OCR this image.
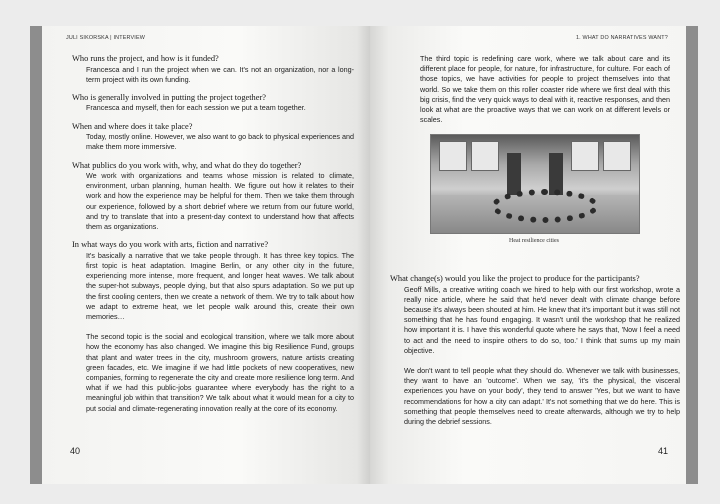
JULI SIKORSKA | INTERVIEW

Who runs the project, and how is it funded?

Francesca and I run the project when we can. It's not an organization, nor a long-term project with its own funding.

Who is generally involved in putting the project together?

Francesca and myself, then for each session we put a team together.

When and where does it take place?

Today, mostly online. However, we also want to go back to physical experiences and make them more immersive.

What publics do you work with, why, and what do they do together?

We work with organizations and teams whose mission is related to climate, environment, urban planning, human health. We figure out how it relates to their work and how the experience may be helpful for them. Then we take them through our experience, followed by a short debrief where we return from our future world, and try to translate that into a present-day context to understand how that affects them as organizations.

In what ways do you work with arts, fiction and narrative?

It's basically a narrative that we take people through. It has three key topics. The first topic is heat adaptation. Imagine Berlin, or any other city in the future, experiencing more intense, more frequent, and longer heat waves. We talk about the super-hot subways, people dying, but that also spurs adaptation. So we put up the first cooling centers, then we create a network of them. We try to talk about how we adapt to extreme heat, we let people walk around this, create their own memories…

The second topic is the social and ecological transition, where we talk more about how the economy has also changed. We imagine this big Resilience Fund, groups that plant and water trees in the city, mushroom growers, nature artists creating green facades, etc. We imagine if we had little pockets of new cooperatives, new companies, forming to regenerate the city and create more resilience long term. And what if we had this public-jobs guarantee where everybody has the right to a meaningful job within that transition? We talk about what it would mean for a city to put social and climate-regenerating innovation really at the core of its economy.

40
1. WHAT DO NARRATIVES WANT?

The third topic is redefining care work, where we talk about care and its different place for people, for nature, for infrastructure, for culture. For each of those topics, we have activities for people to project themselves into that world. So we take them on this roller coaster ride where we first deal with this big crisis, find the very quick ways to deal with it, reactive responses, and then look at what are the proactive ways that we can work on at different levels or scales.

Heat resilience cities

What change(s) would you like the project to produce for the participants?

Geoff Mills, a creative writing coach we hired to help with our first workshop, wrote a really nice article, where he said that he'd never dealt with climate change before because it's always been shouted at him. He knew that it's important but it was still not something that he has found engaging. It wasn't until the workshop that he realized how important it is. I have this wonderful quote where he says that, 'Now I feel a need to act and the need to inspire others to do so, too.' I think that sums up my main objective.

We don't want to tell people what they should do. Whenever we talk with businesses, they want to have an 'outcome'. When we say, 'it's the physical, the visceral experiences you have on your body', they tend to answer 'Yes, but we want to have recommendations for how a city can adapt.' It's not something that we do here. This is something that people themselves need to create afterwards, although we try to help during the debrief sessions.

41
